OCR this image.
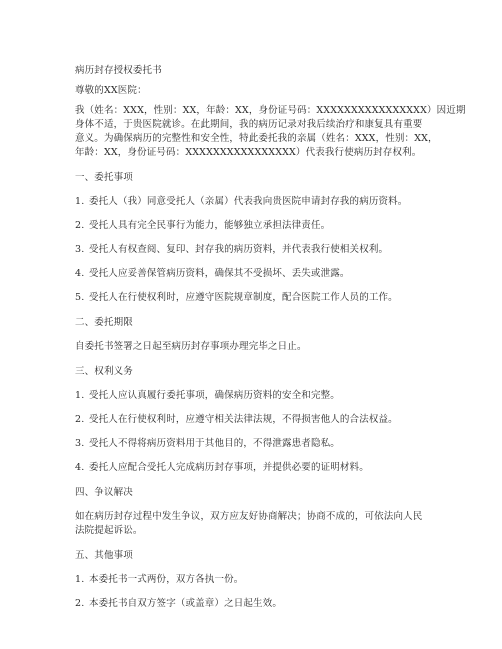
病历封存授权委托书
尊敬的XX医院：
我（姓名：XXX，性别：XX，年龄：XX，身份证号码：XXXXXXXXXXXXXXXX）因近期
身体不适，于贵医院就诊。在此期间，我的病历记录对我后续治疗和康复具有重要
意义。为确保病历的完整性和安全性，特此委托我的亲属（姓名：XXX，性别：XX，
年龄：XX，身份证号码：XXXXXXXXXXXXXXXX）代表我行使病历封存权利。
一、委托事项
1. 委托人（我）同意受托人（亲属）代表我向贵医院申请封存我的病历资料。
2. 受托人具有完全民事行为能力，能够独立承担法律责任。
3. 受托人有权查阅、复印、封存我的病历资料，并代表我行使相关权利。
4. 受托人应妥善保管病历资料，确保其不受损坏、丢失或泄露。
5. 受托人在行使权利时，应遵守医院规章制度，配合医院工作人员的工作。
二、委托期限
自委托书签署之日起至病历封存事项办理完毕之日止。
三、权利义务
1. 受托人应认真履行委托事项，确保病历资料的安全和完整。
2. 受托人在行使权利时，应遵守相关法律法规，不得损害他人的合法权益。
3. 受托人不得将病历资料用于其他目的，不得泄露患者隐私。
4. 委托人应配合受托人完成病历封存事项，并提供必要的证明材料。
四、争议解决
如在病历封存过程中发生争议，双方应友好协商解决；协商不成的，可依法向人民
法院提起诉讼。
五、其他事项
1. 本委托书一式两份，双方各执一份。
2. 本委托书自双方签字（或盖章）之日起生效。
